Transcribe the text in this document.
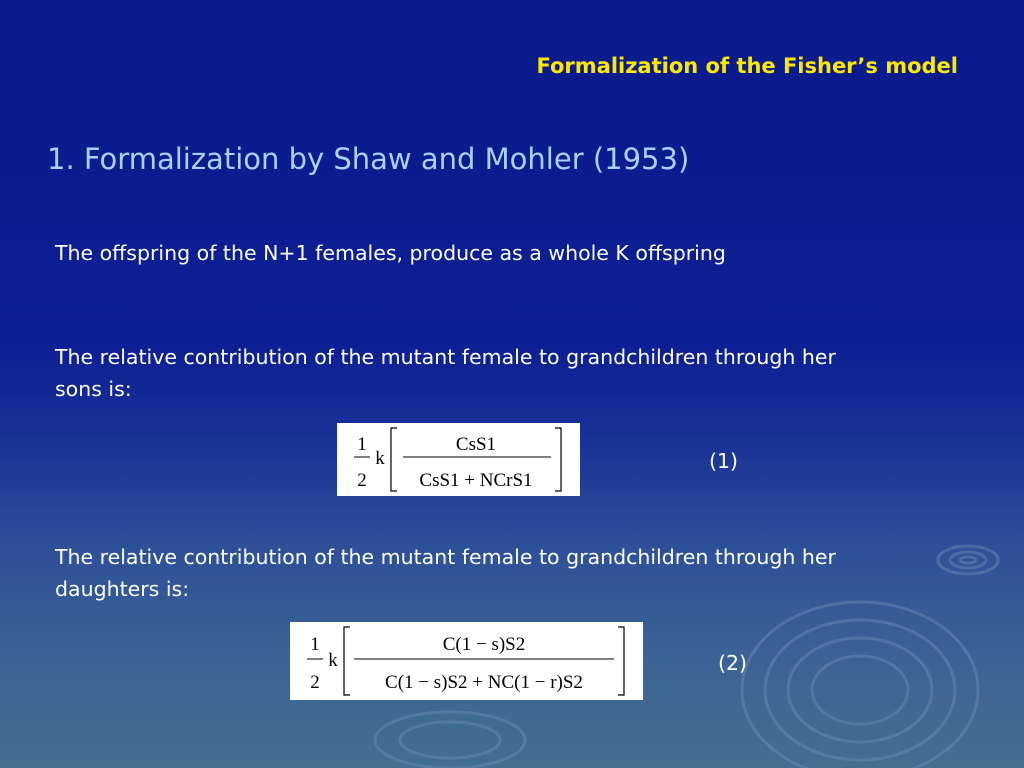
Formalization of the Fisher’s model
1. Formalization by Shaw and Mohler (1953)
The offspring of the N+1 females, produce as a whole K offspring
The relative contribution of the mutant female to grandchildren through her
sons is:
1
2
k
CsS1
CsS1 + NCrS1
(1)
The relative contribution of the mutant female to grandchildren through her
daughters is:
1
2
k
C(1 − s)S2
C(1 − s)S2 + NC(1 − r)S2
(2)
